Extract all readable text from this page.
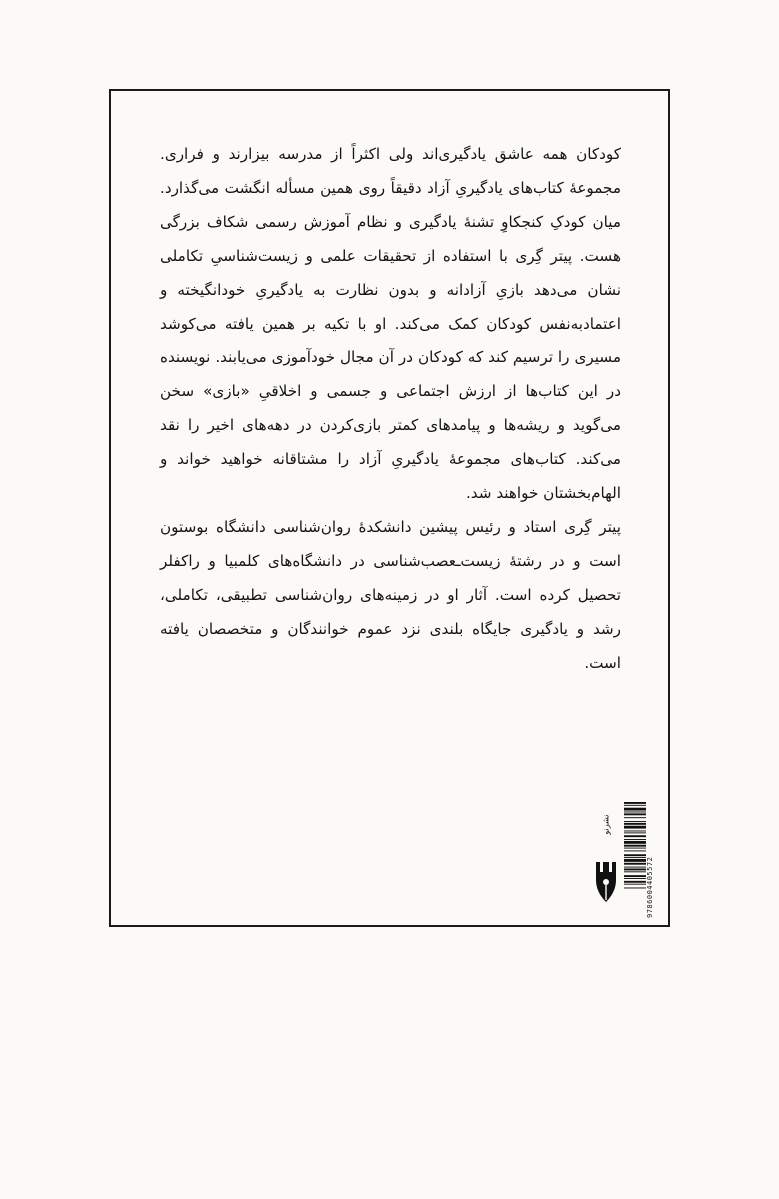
کودکان همه عاشق یادگیری‌اند ولی اکثراً از مدرسه بیزارند و فراری. مجموعهٔ کتاب‌های یادگیریِ آزاد دقیقاً روی همین مسأله انگشت می‌گذارد. میان کودکِ کنجکاوِ تشنهٔ یادگیری و نظام آموزش رسمی شکاف بزرگی هست. پیتر گِری با استفاده از تحقیقات علمی و زیست‌شناسیِ تکاملی نشان می‌دهد بازیِ آزادانه و بدون نظارت به یادگیریِ خودانگیخته و اعتمادبه‌نفس کودکان کمک می‌کند. او با تکیه بر همین یافته می‌کوشد مسیری را ترسیم کند که کودکان در آن مجال خودآموزی می‌یابند. نویسنده در این کتاب‌ها از ارزش اجتماعی و جسمی و اخلاقیِ «بازی» سخن می‌گوید و ریشه‌ها و پیامدهای کمتر بازی‌کردن در دهه‌های اخیر را نقد می‌کند. کتاب‌های مجموعهٔ یادگیریِ آزاد را مشتاقانه خواهید خواند و الهام‌بخشتان خواهند شد.

پیتر گِری استاد و رئیس پیشین دانشکدهٔ روان‌شناسی دانشگاه بوستون است و در رشتهٔ زیست‌ـعصب‌شناسی در دانشگاه‌های کلمبیا و راکفلر تحصیل کرده است. آثار او در زمینه‌های روان‌شناسی تطبیقی، تکاملی، رشد و یادگیری جایگاه بلندی نزد عموم خوانندگان و متخصصان یافته است.

نشرنو
9786004405572
